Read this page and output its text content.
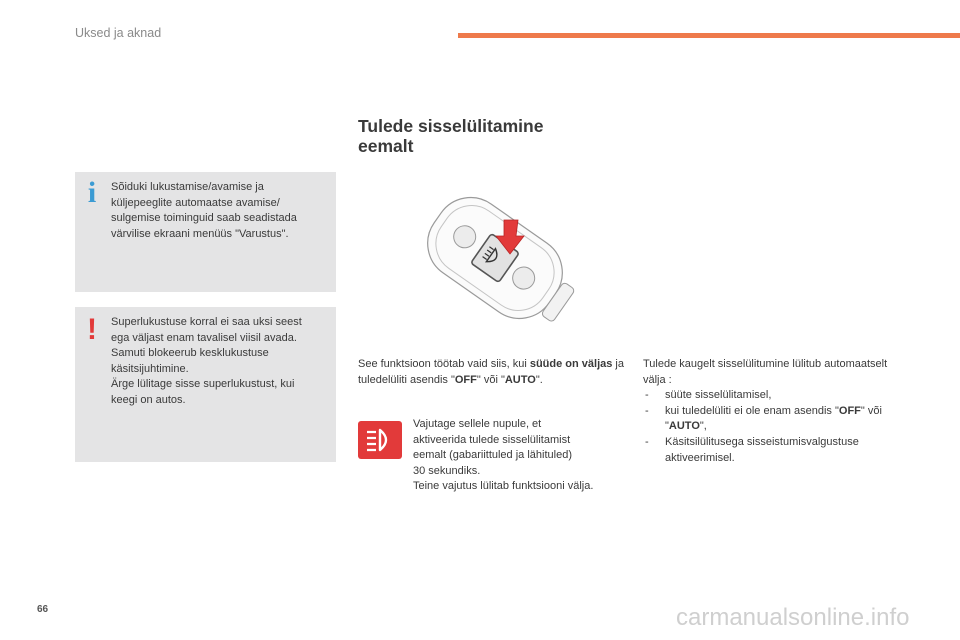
Uksed ja aknad
i	Sõiduki lukustamise/avamise ja
küljepeeglite automaatse avamise/
sulgemise toiminguid saab seadistada
värvilise ekraani menüüs "Varustus".
! Superlukustuse korral ei saa uksi seest
ega väljast enam tavalisel viisil avada.
Samuti blokeerub kesklukustuse
käsitsijuhtimine.
Ärge lülitage sisse superlukustust, kui
keegi on autos.
Tulede sisselülitamine
eemalt
See funktsioon töötab vaid siis, kui süüde on väljas ja tuledelüliti asendis "OFF" või "AUTO".
Vajutage sellele nupule, et
aktiveerida tulede sisselülitamist
eemalt (gabariittuled ja lähituled)
30 sekundiks.
Teine vajutus lülitab funktsiooni välja.
Tulede kaugelt sisselülitumine lülitub automaatselt välja :
- süüte sisselülitamisel,
- kui tuledelüliti ei ole enam asendis "OFF" või "AUTO",
- Käsitsilülitusega sisseistumisvalgustuse aktiveerimisel.
66	carmanualsonline.info
